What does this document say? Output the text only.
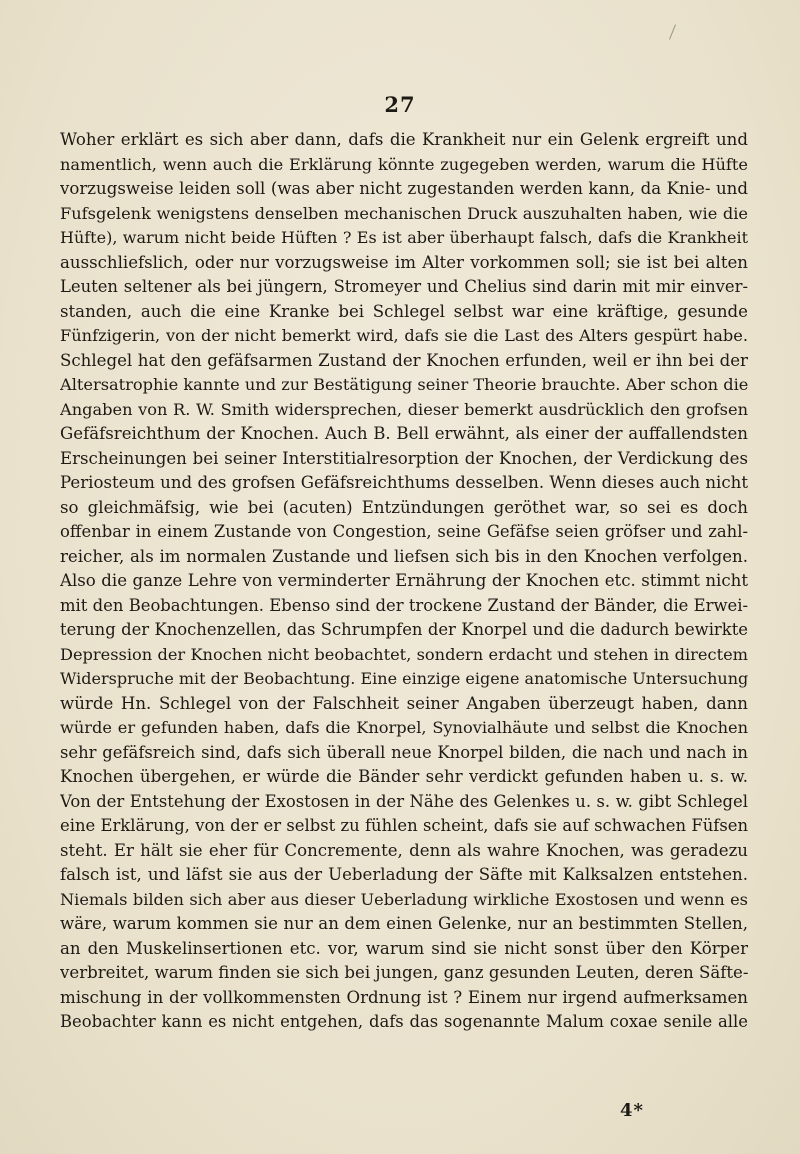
27
Woher erklärt es sich aber dann, dafs die Krankheit nur ein Gelenk ergreift und
namentlich, wenn auch die Erklärung könnte zugegeben werden, warum die Hüfte
vorzugsweise leiden soll (was aber nicht zugestanden werden kann, da Knie- und
Fufsgelenk wenigstens denselben mechanischen Druck auszuhalten haben, wie die
Hüfte), warum nicht beide Hüften ? Es ist aber überhaupt falsch, dafs die Krankheit
ausschliefslich, oder nur vorzugsweise im Alter vorkommen soll; sie ist bei alten
Leuten seltener als bei jüngern, Stromeyer und Chelius sind darin mit mir einver-
standen, auch die eine Kranke bei Schlegel selbst war eine kräftige, gesunde
Fünfzigerin, von der nicht bemerkt wird, dafs sie die Last des Alters gespürt habe.
Schlegel hat den gefäfsarmen Zustand der Knochen erfunden, weil er ihn bei der
Altersatrophie kannte und zur Bestätigung seiner Theorie brauchte. Aber schon die
Angaben von R. W. Smith widersprechen, dieser bemerkt ausdrücklich den grofsen
Gefäfsreichthum der Knochen. Auch B. Bell erwähnt, als einer der auffallendsten
Erscheinungen bei seiner Interstitialresorption der Knochen, der Verdickung des
Periosteum und des grofsen Gefäfsreichthums desselben. Wenn dieses auch nicht
so gleichmäfsig, wie bei (acuten) Entzündungen geröthet war, so sei es doch
offenbar in einem Zustande von Congestion, seine Gefäfse seien gröfser und zahl-
reicher, als im normalen Zustande und liefsen sich bis in den Knochen verfolgen.
Also die ganze Lehre von verminderter Ernährung der Knochen etc. stimmt nicht
mit den Beobachtungen. Ebenso sind der trockene Zustand der Bänder, die Erwei-
terung der Knochenzellen, das Schrumpfen der Knorpel und die dadurch bewirkte
Depression der Knochen nicht beobachtet, sondern erdacht und stehen in directem
Widerspruche mit der Beobachtung. Eine einzige eigene anatomische Untersuchung
würde Hn. Schlegel von der Falschheit seiner Angaben überzeugt haben, dann
würde er gefunden haben, dafs die Knorpel, Synovialhäute und selbst die Knochen
sehr gefäfsreich sind, dafs sich überall neue Knorpel bilden, die nach und nach in
Knochen übergehen, er würde die Bänder sehr verdickt gefunden haben u. s. w.
Von der Entstehung der Exostosen in der Nähe des Gelenkes u. s. w. gibt Schlegel
eine Erklärung, von der er selbst zu fühlen scheint, dafs sie auf schwachen Füfsen
steht. Er hält sie eher für Concremente, denn als wahre Knochen, was geradezu
falsch ist, und läfst sie aus der Ueberladung der Säfte mit Kalksalzen entstehen.
Niemals bilden sich aber aus dieser Ueberladung wirkliche Exostosen und wenn es
wäre, warum kommen sie nur an dem einen Gelenke, nur an bestimmten Stellen,
an den Muskelinsertionen etc. vor, warum sind sie nicht sonst über den Körper
verbreitet, warum finden sie sich bei jungen, ganz gesunden Leuten, deren Säfte-
mischung in der vollkommensten Ordnung ist ? Einem nur irgend aufmerksamen
Beobachter kann es nicht entgehen, dafs das sogenannte Malum coxae senile alle
4*
